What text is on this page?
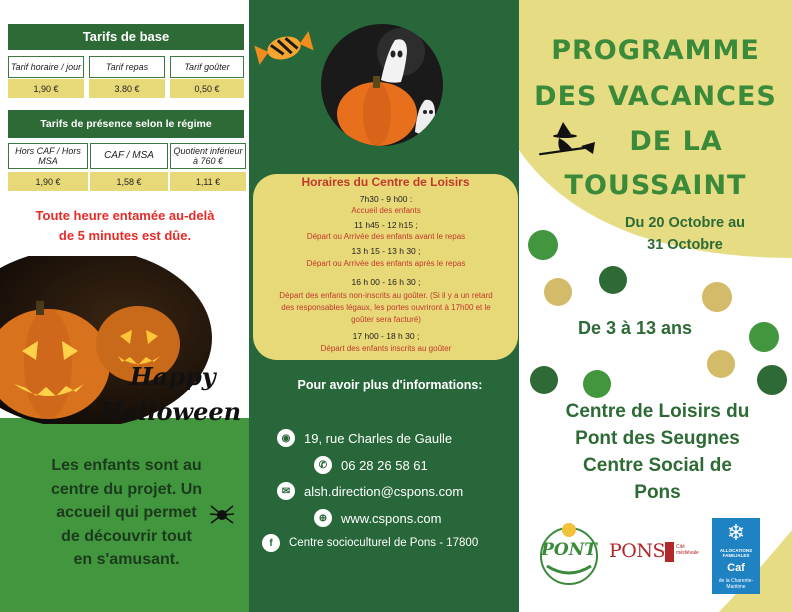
Tarifs de base
Tarif horaire / jour	Tarif repas	Tarif goûter
1,90 €	3.80 €	0,50 €
Tarifs de présence selon le régime
Hors CAF / Hors MSA	CAF / MSA	Quotient inférieur à 760 €
1,90 €	1,58 €	1,11 €
Toute heure entamée au-delà
de 5 minutes est dûe.
Happy
Halloween
Les enfants sont au
centre du projet. Un
accueil qui permet
de découvrir tout
en s'amusant.
Horaires du Centre de Loisirs
7h30 - 9 h00 :
Accueil des enfants
11 h45 - 12 h15 ;
Départ ou Arrivée des enfants avant le repas
13 h 15 - 13 h 30 ;
Départ ou Arrivée des enfants après le repas
16 h 00 - 16 h 30 ;
Départ des enfants non-inscrits au goûter. (Si il y a un retard
des responsables légaux, les portes ouvriront à 17h00 et le
goûter sera facturé)
17 h00 - 18 h 30 ;
Départ des enfants inscrits au goûter
Pour avoir plus d'informations:
◉	19, rue Charles de Gaulle
✆	06 28 26 58 61
✉	alsh.direction@cspons.com
⊕	www.cspons.com
f	Centre socioculturel de Pons - 17800
PROGRAMME
DES VACANCES
DE LA
TOUSSAINT
Du 20 Octobre au
31 Octobre
De 3 à 13 ans
Centre de Loisirs du
Pont des Seugnes
Centre Social de
Pons
PONT PONS Cité médiévale
❄
ALLOCATIONS FAMILIALES
Caf
de la Charente-Maritime
